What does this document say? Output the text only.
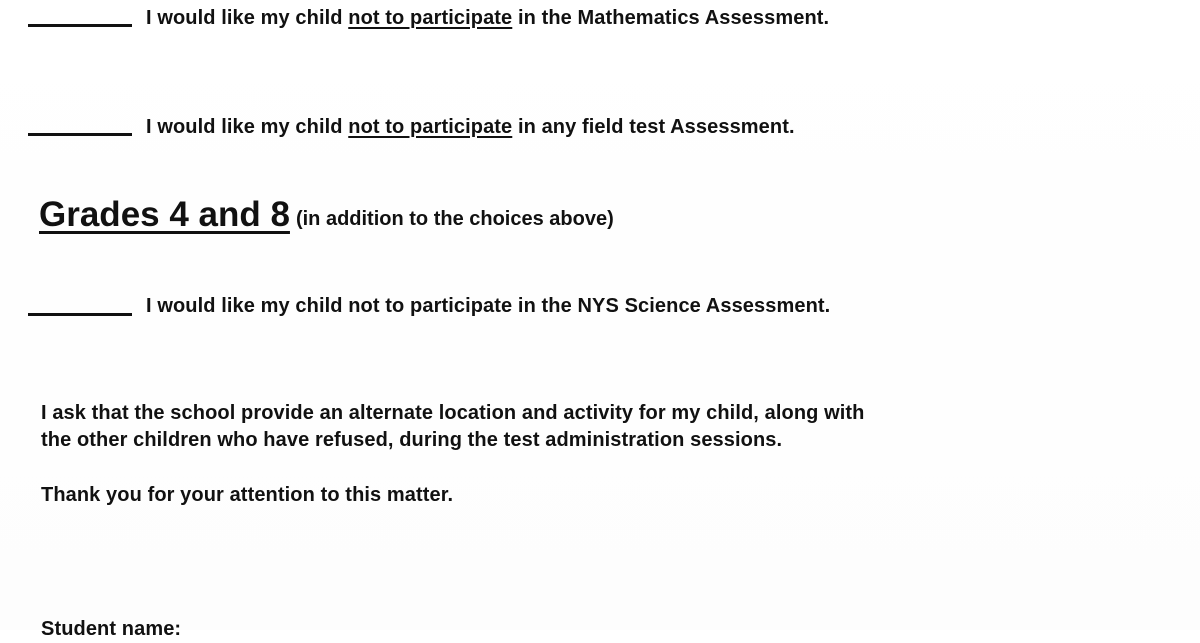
I would like my child not to participate in the Mathematics Assessment.
I would like my child not to participate in any field test Assessment.
Grades 4 and 8 (in addition to the choices above)
I would like my child not to participate in the NYS Science Assessment.
I ask that the school provide an alternate location and activity for my child, along with
the other children who have refused, during the test administration sessions.
Thank you for your attention to this matter.
Student name:
